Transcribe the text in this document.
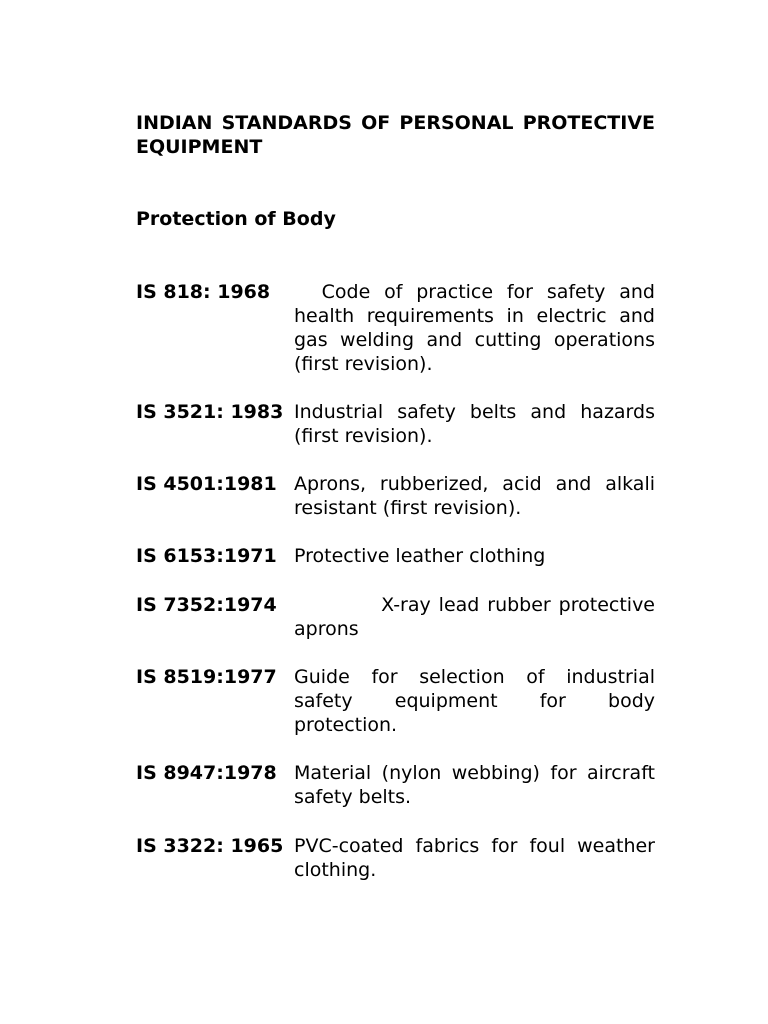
INDIAN STANDARDS OF PERSONAL PROTECTIVE EQUIPMENT
Protection of Body
IS 818: 1968 Code of practice for safety and health requirements in electric and gas welding and cutting operations (first revision).
IS 3521: 1983 Industrial safety belts and hazards (first revision).
IS 4501:1981 Aprons, rubberized, acid and alkali resistant (first revision).
IS 6153:1971 Protective leather clothing
IS 7352:1974 X-ray lead rubber protective aprons
IS 8519:1977 Guide for selection of industrial safety equipment for body protection.
IS 8947:1978 Material (nylon webbing) for aircraft safety belts.
IS 3322: 1965 PVC-coated fabrics for foul weather clothing.
